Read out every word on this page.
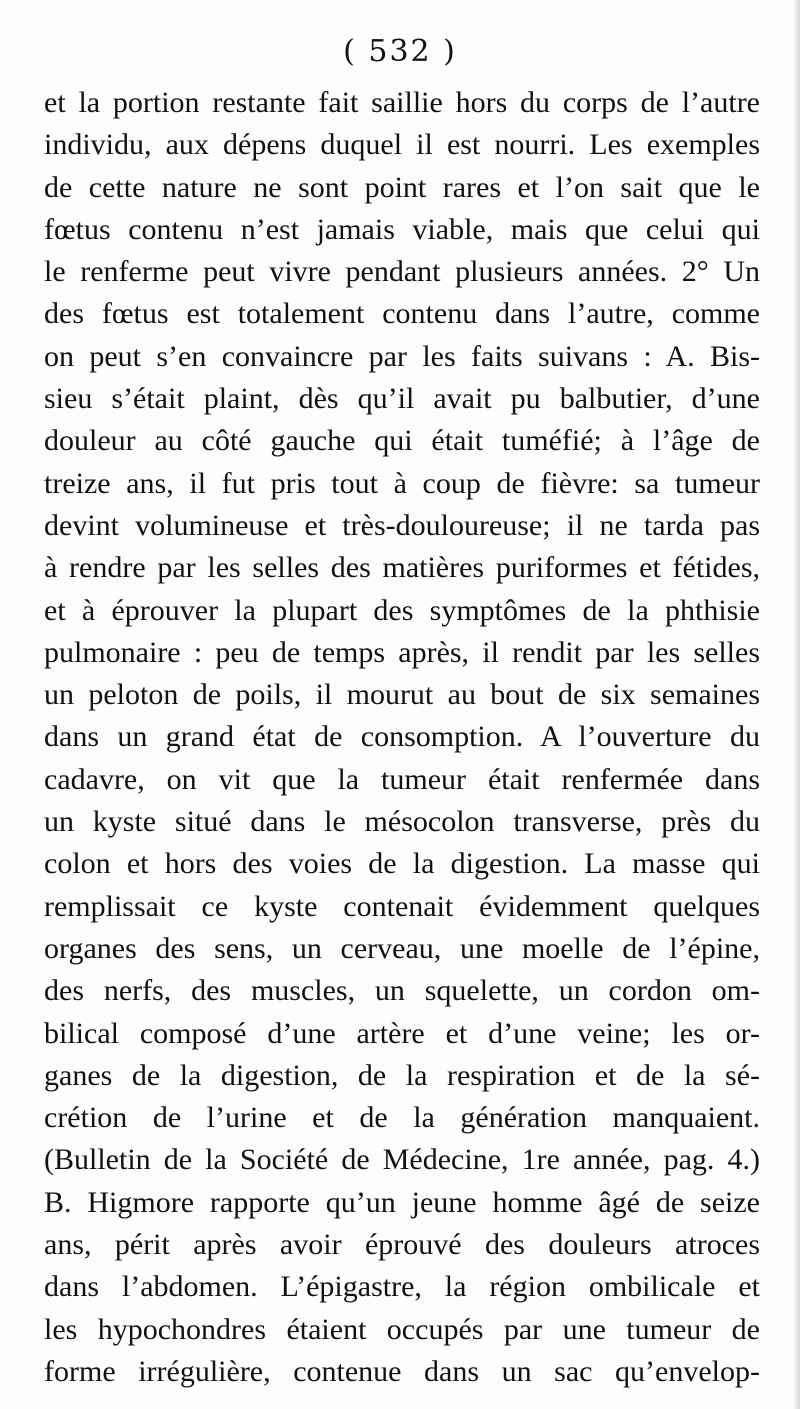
( 532 )
et la portion restante fait saillie hors du corps de l’autre
individu, aux dépens duquel il est nourri. Les exemples
de cette nature ne sont point rares et l’on sait que le
fœtus contenu n’est jamais viable, mais que celui qui
le renferme peut vivre pendant plusieurs années. 2° Un
des fœtus est totalement contenu dans l’autre, comme
on peut s’en convaincre par les faits suivans : A. Bis-
sieu s’était plaint, dès qu’il avait pu balbutier, d’une
douleur au côté gauche qui était tuméfié; à l’âge de
treize ans, il fut pris tout à coup de fièvre: sa tumeur
devint volumineuse et très-douloureuse; il ne tarda pas
à rendre par les selles des matières puriformes et fétides,
et à éprouver la plupart des symptômes de la phthisie
pulmonaire : peu de temps après, il rendit par les selles
un peloton de poils, il mourut au bout de six semaines
dans un grand état de consomption. A l’ouverture du
cadavre, on vit que la tumeur était renfermée dans
un kyste situé dans le mésocolon transverse, près du
colon et hors des voies de la digestion. La masse qui
remplissait ce kyste contenait évidemment quelques
organes des sens, un cerveau, une moelle de l’épine,
des nerfs, des muscles, un squelette, un cordon om-
bilical composé d’une artère et d’une veine; les or-
ganes de la digestion, de la respiration et de la sé-
crétion de l’urine et de la génération manquaient.
(Bulletin de la Société de Médecine, 1re année, pag. 4.)
B. Higmore rapporte qu’un jeune homme âgé de seize
ans, périt après avoir éprouvé des douleurs atroces
dans l’abdomen. L’épigastre, la région ombilicale et
les hypochondres étaient occupés par une tumeur de
forme irrégulière, contenue dans un sac qu’envelop-
